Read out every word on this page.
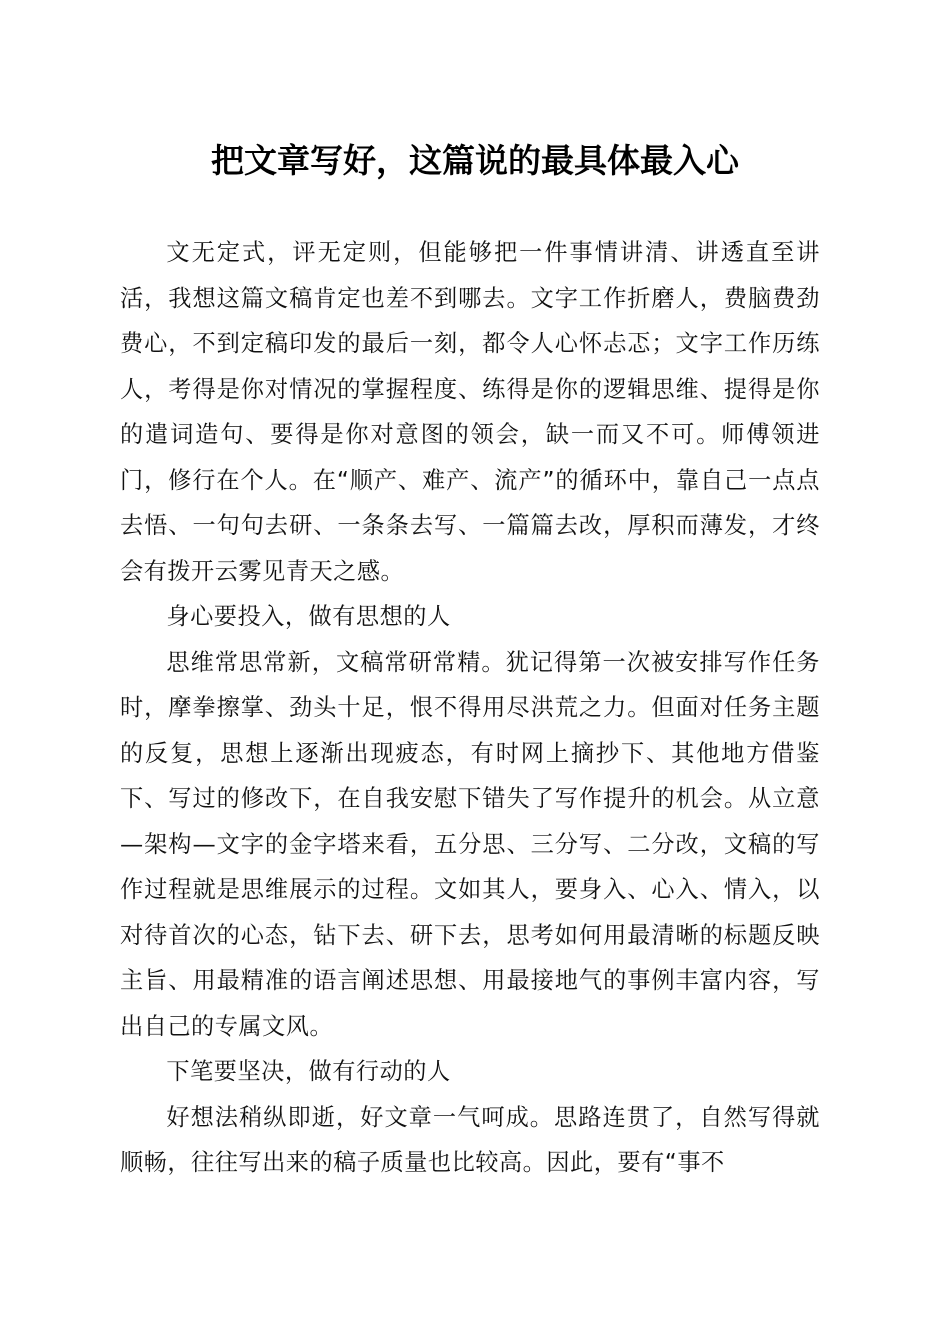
把文章写好，这篇说的最具体最入心

文无定式，评无定则，但能够把一件事情讲清、讲透直至讲活，我想这篇文稿肯定也差不到哪去。文字工作折磨人，费脑费劲费心，不到定稿印发的最后一刻，都令人心怀忐忑；文字工作历练人，考得是你对情况的掌握程度、练得是你的逻辑思维、提得是你的遣词造句、要得是你对意图的领会，缺一而又不可。师傅领进门，修行在个人。在“顺产、难产、流产”的循环中，靠自己一点点去悟、一句句去研、一条条去写、一篇篇去改，厚积而薄发，才终会有拨开云雾见青天之感。

身心要投入，做有思想的人

思维常思常新，文稿常研常精。犹记得第一次被安排写作任务时，摩拳擦掌、劲头十足，恨不得用尽洪荒之力。但面对任务主题的反复，思想上逐渐出现疲态，有时网上摘抄下、其他地方借鉴下、写过的修改下，在自我安慰下错失了写作提升的机会。从立意—架构—文字的金字塔来看，五分思、三分写、二分改，文稿的写作过程就是思维展示的过程。文如其人，要身入、心入、情入，以对待首次的心态，钻下去、研下去，思考如何用最清晰的标题反映主旨、用最精准的语言阐述思想、用最接地气的事例丰富内容，写出自己的专属文风。

下笔要坚决，做有行动的人

好想法稍纵即逝，好文章一气呵成。思路连贯了，自然写得就顺畅，往往写出来的稿子质量也比较高。因此，要有“事不
